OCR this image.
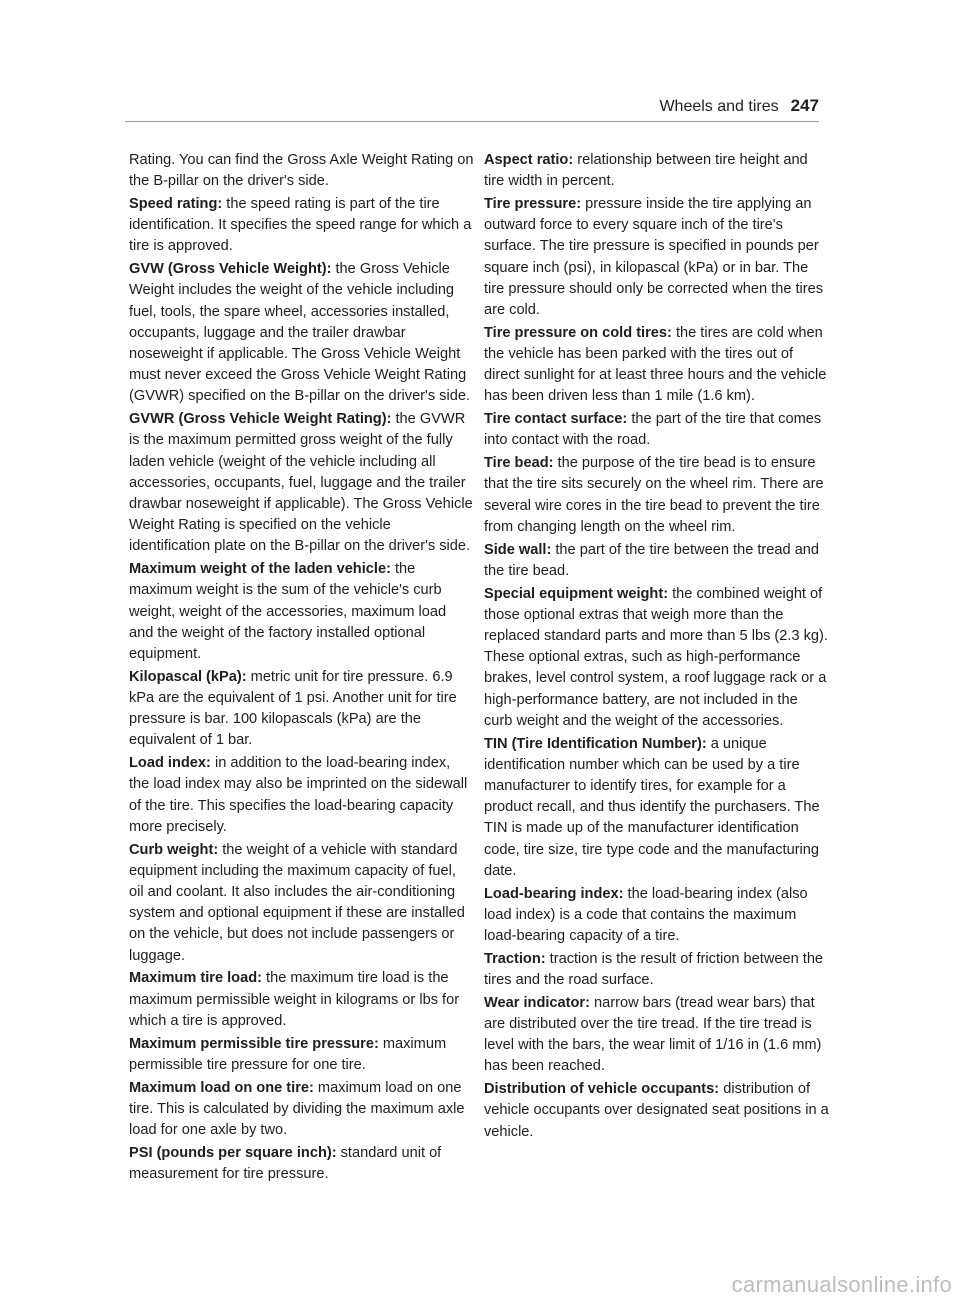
Wheels and tires 247

Rating. You can find the Gross Axle Weight Rating on the B-pillar on the driver's side.

Speed rating: the speed rating is part of the tire identification. It specifies the speed range for which a tire is approved.

GVW (Gross Vehicle Weight): the Gross Vehicle Weight includes the weight of the vehicle including fuel, tools, the spare wheel, accessories installed, occupants, luggage and the trailer drawbar noseweight if applicable. The Gross Vehicle Weight must never exceed the Gross Vehicle Weight Rating (GVWR) specified on the B-pillar on the driver's side.

GVWR (Gross Vehicle Weight Rating): the GVWR is the maximum permitted gross weight of the fully laden vehicle (weight of the vehicle including all accessories, occupants, fuel, luggage and the trailer drawbar noseweight if applicable). The Gross Vehicle Weight Rating is specified on the vehicle identification plate on the B-pillar on the driver's side.

Maximum weight of the laden vehicle: the maximum weight is the sum of the vehicle's curb weight, weight of the accessories, maximum load and the weight of the factory installed optional equipment.

Kilopascal (kPa): metric unit for tire pressure. 6.9 kPa are the equivalent of 1 psi. Another unit for tire pressure is bar. 100 kilopascals (kPa) are the equivalent of 1 bar.

Load index: in addition to the load-bearing index, the load index may also be imprinted on the sidewall of the tire. This specifies the load-bearing capacity more precisely.

Curb weight: the weight of a vehicle with standard equipment including the maximum capacity of fuel, oil and coolant. It also includes the air-conditioning system and optional equipment if these are installed on the vehicle, but does not include passengers or luggage.

Maximum tire load: the maximum tire load is the maximum permissible weight in kilograms or lbs for which a tire is approved.

Maximum permissible tire pressure: maximum permissible tire pressure for one tire.

Maximum load on one tire: maximum load on one tire. This is calculated by dividing the maximum axle load for one axle by two.

PSI (pounds per square inch): standard unit of measurement for tire pressure.

Aspect ratio: relationship between tire height and tire width in percent.

Tire pressure: pressure inside the tire applying an outward force to every square inch of the tire's surface. The tire pressure is specified in pounds per square inch (psi), in kilopascal (kPa) or in bar. The tire pressure should only be corrected when the tires are cold.

Tire pressure on cold tires: the tires are cold when the vehicle has been parked with the tires out of direct sunlight for at least three hours and the vehicle has been driven less than 1 mile (1.6 km).

Tire contact surface: the part of the tire that comes into contact with the road.

Tire bead: the purpose of the tire bead is to ensure that the tire sits securely on the wheel rim. There are several wire cores in the tire bead to prevent the tire from changing length on the wheel rim.

Side wall: the part of the tire between the tread and the tire bead.

Special equipment weight: the combined weight of those optional extras that weigh more than the replaced standard parts and more than 5 lbs (2.3 kg). These optional extras, such as high-performance brakes, level control system, a roof luggage rack or a high-performance battery, are not included in the curb weight and the weight of the accessories.

TIN (Tire Identification Number): a unique identification number which can be used by a tire manufacturer to identify tires, for example for a product recall, and thus identify the purchasers. The TIN is made up of the manufacturer identification code, tire size, tire type code and the manufacturing date.

Load-bearing index: the load-bearing index (also load index) is a code that contains the maximum load-bearing capacity of a tire.

Traction: traction is the result of friction between the tires and the road surface.

Wear indicator: narrow bars (tread wear bars) that are distributed over the tire tread. If the tire tread is level with the bars, the wear limit of 1/16 in (1.6 mm) has been reached.

Distribution of vehicle occupants: distribution of vehicle occupants over designated seat positions in a vehicle.

carmanualsonline.info
